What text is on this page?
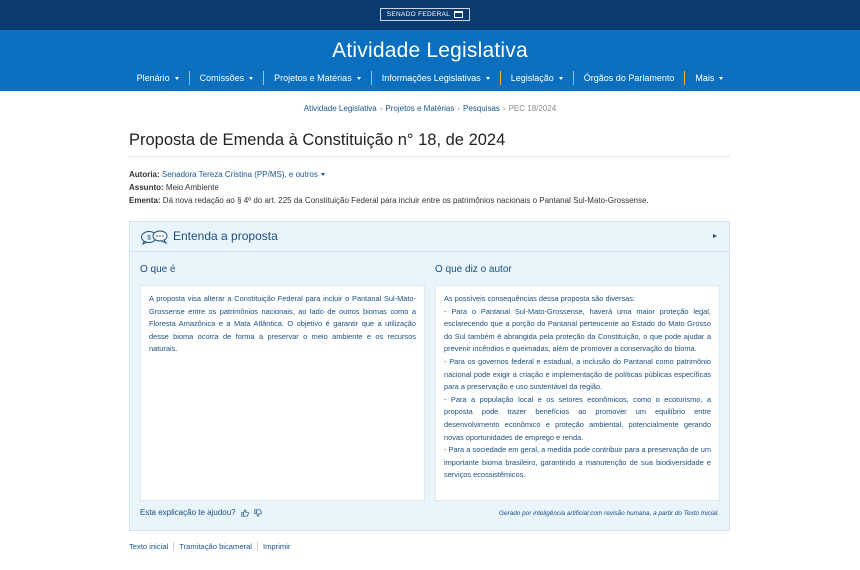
SENADO FEDERAL
Atividade Legislativa
Plenário	Comissões	Projetos e Matérias	Informações Legislativas	Legislação	Órgãos do Parlamento Mais
Atividade Legislativa › Projetos e Matérias › Pesquisas › PEC 18/2024
Proposta de Emenda à Constituição n° 18, de 2024
Autoria: Senadora Tereza Cristina (PP/MS), e outros
Assunto: Meio Ambiente
Ementa: Dá nova redação ao § 4º do art. 225 da Constituição Federal para incluir entre os patrimônios nacionais o Pantanal Sul-Mato-Grossense.
$ Entenda a proposta
O que é

A proposta visa alterar a Constituição Federal para incluir o Pantanal Sul-Mato-Grossense entre os patrimônios nacionais, ao lado de outros biomas como a Floresta Amazônica e a Mata Atlântica. O objetivo é garantir que a utilização desse bioma ocorra de forma a preservar o meio ambiente e os recursos naturais.

O que diz o autor

As possíveis consequências dessa proposta são diversas:

- Para o Pantanal Sul-Mato-Grossense, haverá uma maior proteção legal, esclarecendo que a porção do Pantanal pertencente ao Estado do Mato Grosso do Sul também é abrangida pela proteção da Constituição, o que pode ajudar a prevenir incêndios e queimadas, além de promover a conservação do bioma.

- Para os governos federal e estadual, a inclusão do Pantanal como patrimônio nacional pode exigir a criação e implementação de políticas públicas específicas para a preservação e uso sustentável da região.

- Para a população local e os setores econômicos, como o ecoturismo, a proposta pode trazer benefícios ao promover um equilíbrio entre desenvolvimento econômico e proteção ambiental, potencialmente gerando novas oportunidades de emprego e renda.

- Para a sociedade em geral, a medida pode contribuir para a preservação de um importante bioma brasileiro, garantindo a manutenção de sua biodiversidade e serviços ecossistêmicos.

Esta explicação te ajudou?	Gerado por inteligência artificial com revisão humana, a partir do Texto Inicial.
Texto inicial	Tramitação bicameral	Imprimir
